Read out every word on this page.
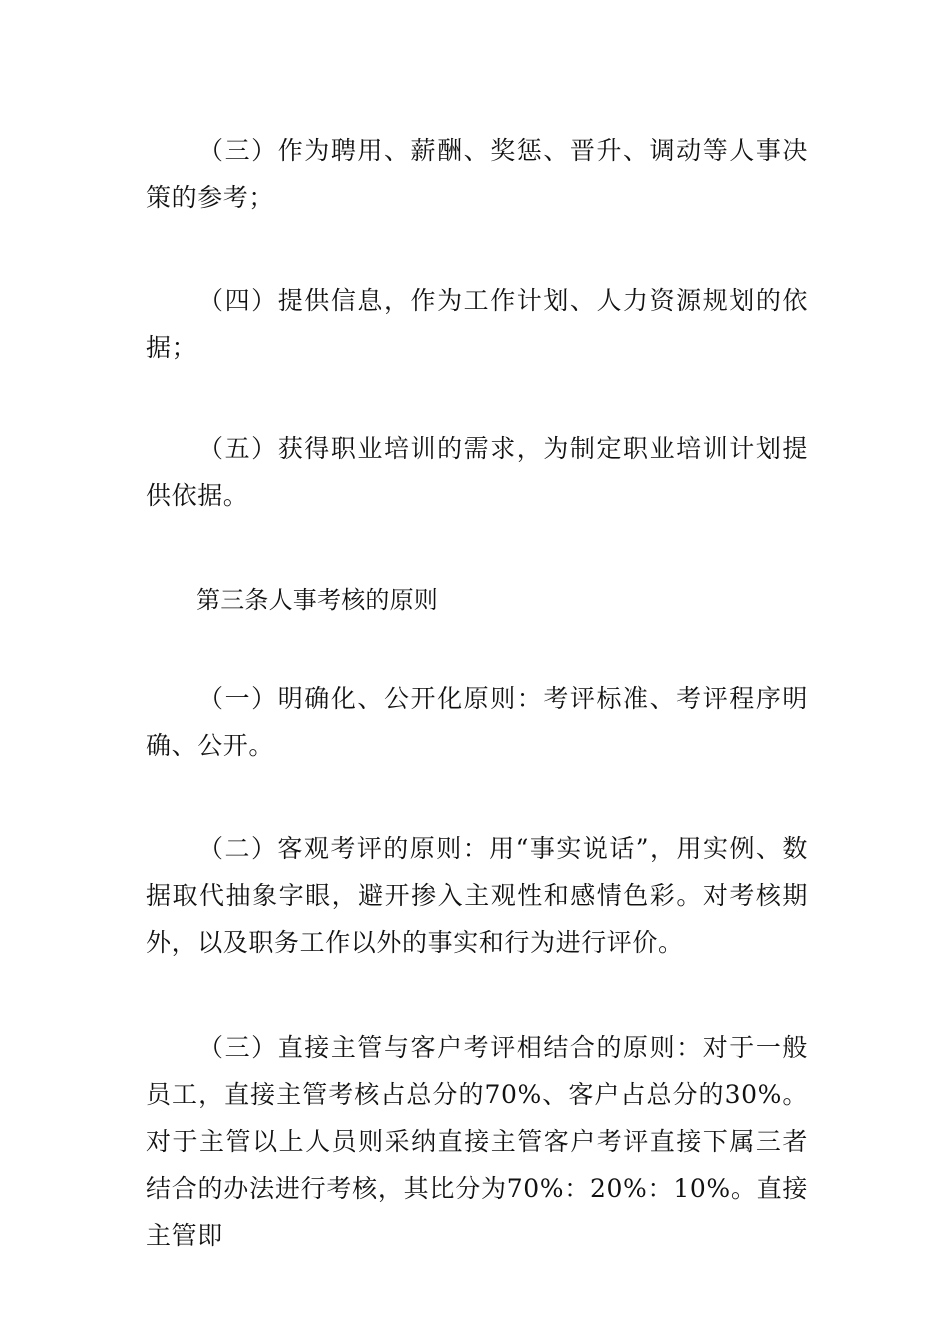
（三）作为聘用、薪酬、奖惩、晋升、调动等人事决策的参考；

（四）提供信息，作为工作计划、人力资源规划的依据；

（五）获得职业培训的需求，为制定职业培训计划提供依据。

第三条人事考核的原则

（一）明确化、公开化原则：考评标准、考评程序明确、公开。

（二）客观考评的原则：用“事实说话”，用实例、数据取代抽象字眼，避开掺入主观性和感情色彩。对考核期外，以及职务工作以外的事实和行为进行评价。

（三）直接主管与客户考评相结合的原则：对于一般员工，直接主管考核占总分的70%、客户占总分的30%。对于主管以上人员则采纳直接主管客户考评直接下属三者结合的办法进行考核，其比分为70%：20%：10%。直接主管即
